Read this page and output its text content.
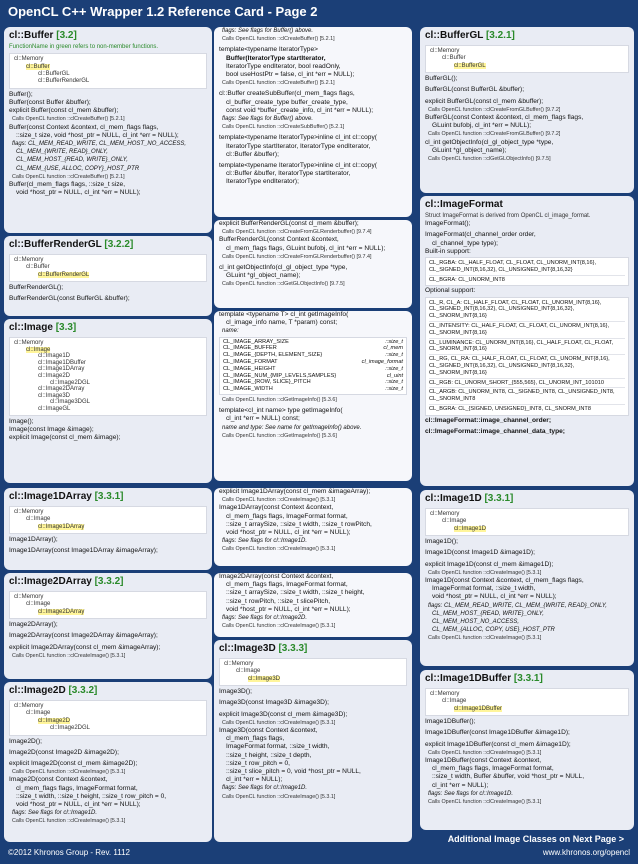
OpenCL C++ Wrapper 1.2 Reference Card - Page 2
cl::Buffer [3.2]
FunctionName in green refers to non-member functions.
cl::Memory
cl::Buffer
cl::BufferGL
cl::BufferRenderGL
Buffer();
Buffer(const Buffer &buffer);
explicit Buffer(const cl_mem &buffer);
Calls OpenCL function ::clCreateBuffer() [5.2.1]
Buffer(const Context &context, cl_mem_flags flags,
::size_t size, void *host_ptr = NULL, cl_int *err = NULL);
flags: CL_MEM_READ_WRITE, CL_MEM_HOST_NO_ACCESS,
CL_MEM_{WRITE, READ}_ONLY,
CL_MEM_HOST_{READ, WRITE}_ONLY,
CL_MEM_{USE, ALLOC, COPY}_HOST_PTR
Calls OpenCL function ::clCreateBuffer() [5.2.1]
Buffer(cl_mem_flags flags, ::size_t size,
void *host_ptr = NULL, cl_int *err = NULL);
flags: See flags for Buffer() above.
Calls OpenCL function ::clCreateBuffer() [5.2.1]
template<typename IteratorType>
Buffer(IteratorType startIterator,
IteratorType endIterator, bool readOnly,
bool useHostPtr = false, cl_int *err = NULL);
Calls OpenCL function ::clCreateBuffer() [5.2.1]
cl::Buffer createSubBuffer(cl_mem_flags flags,
cl_buffer_create_type buffer_create_type,
const void *buffer_create_info, cl_int *err = NULL);
flags: See flags for Buffer() above.
Calls OpenCL function ::clCreateSubBuffer() [5.2.1]
template<typename IteratorType>inline cl_int cl::copy(
IteratorType startIterator, IteratorType endIterator,
cl::Buffer &buffer);
template<typename IteratorType>inline cl_int cl::copy(
cl::Buffer &buffer, IteratorType startIterator,
IteratorType endIterator);
cl::BufferGL [3.2.1]
cl::Memory
cl::Buffer
cl::BufferGL
BufferGL();
BufferGL(const BufferGL &buffer);
explicit BufferGL(const cl_mem &buffer);
Calls OpenCL function ::clCreateFromGLBuffer() [9.7.2]
BufferGL(const Context &context, cl_mem_flags flags,
GLuint bufobj, cl_int *err = NULL);
Calls OpenCL function ::clCreateFromGLBuffer() [9.7.2]
cl_int getObjectInfo(cl_gl_object_type *type,
GLuint *gl_object_name);
Calls OpenCL function ::clGetGLObjectInfo() [9.7.5]
cl::BufferRenderGL [3.2.2]
cl::Memory
cl::Buffer
cl::BufferRenderGL
BufferRenderGL();
BufferRenderGL(const BufferGL &buffer);
explicit BufferRenderGL(const cl_mem &buffer);
Calls OpenCL function ::clCreateFromGLRenderbuffer() [9.7.4]
BufferRenderGL(const Context &context,
cl_mem_flags flags, GLuint bufobj, cl_int *err = NULL);
Calls OpenCL function ::clCreateFromGLRenderbuffer() [9.7.4]
cl_int getObjectInfo(cl_gl_object_type *type,
GLuint *gl_object_name);
Calls OpenCL function ::clGetGLObjectInfo() [9.7.5]
cl::ImageFormat
Struct ImageFormat is derived from OpenCL cl_image_format.
ImageFormat();
ImageFormat(cl_channel_order order,
cl_channel_type type);
Built-in support:
CL_RGBA: CL_HALF_FLOAT, CL_FLOAT, CL_UNORM_INT{8,16}, CL_SIGNED_INT{8,16,32}, CL_UNSIGNED_INT{8,16,32}
CL_BGRA: CL_UNORM_INT8
Optional support:
CL_R, CL_A: CL_HALF_FLOAT, CL_FLOAT, CL_UNORM_INT{8,16}, CL_SIGNED_INT{8,16,32}, CL_UNSIGNED_INT{8,16,32}, CL_SNORM_INT{8,16}
CL_INTENSITY: CL_HALF_FLOAT, CL_FLOAT, CL_UNORM_INT{8,16}, CL_SNORM_INT{8,16}
CL_LUMINANCE: CL_UNORM_INT{8,16}, CL_HALF_FLOAT, CL_FLOAT, CL_SNORM_INT{8,16}
CL_RG, CL_RA: CL_HALF_FLOAT, CL_FLOAT, CL_UNORM_INT{8,16}, CL_SIGNED_INT{8,16,32}, CL_UNSIGNED_INT{8,16,32}, CL_SNORM_INT{8,16}
CL_RGB: CL_UNORM_SHORT_{555,565}, CL_UNORM_INT_101010
CL_ARGB: CL_UNORM_INT8, CL_SIGNED_INT8, CL_UNSIGNED_INT8, CL_SNORM_INT8
CL_BGRA: CL_{SIGNED, UNSIGNED}_INT8, CL_SNORM_INT8
cl::ImageFormat::image_channel_order;
cl::ImageFormat::image_channel_data_type;
cl::Image [3.3]
cl::Memory
cl::Image
cl::Image1D
cl::Image1DBuffer
cl::Image1DArray
cl::Image2D
cl::Image2DGL
cl::Image2DArray
cl::Image3D
cl::Image3DGL
cl::ImageGL
Image();
Image(const Image &image);
explicit Image(const cl_mem &image);
template <typename T> cl_int getImageInfo(
cl_image_info name, T *param) const;
name:
CL_IMAGE_ARRAY_SIZE	::size_t
CL_IMAGE_BUFFER	cl_mem
CL_IMAGE_{DEPTH, ELEMENT_SIZE}	::size_t
CL_IMAGE_FORMAT	cl_image_format
CL_IMAGE_HEIGHT	::size_t
CL_IMAGE_NUM_{MIP_LEVELS,SAMPLES}	cl_uint
CL_IMAGE_{ROW, SLICE}_PITCH	::size_t
CL_IMAGE_WIDTH	::size_t
Calls OpenCL function ::clGetImageInfo() [5.3.6]
template<cl_int name> type getImageInfo(
cl_int *err = NULL) const;
name and type: See name for getImageInfo() above.
Calls OpenCL function ::clGetImageInfo() [5.3.6]
cl::Image1DArray [3.3.1]
cl::Memory
cl::Image
cl::Image1DArray
Image1DArray();
Image1DArray(const Image1DArray &imageArray);
explicit Image1DArray(const cl_mem &imageArray);
Calls OpenCL function ::clCreateImage() [5.3.1]
Image1DArray(const Context &context,
cl_mem_flags flags, ImageFormat format,
::size_t arraySize, ::size_t width, ::size_t rowPitch,
void *host_ptr = NULL, cl_int *err = NULL);
flags: See flags for cl::Image1D.
Calls OpenCL function ::clCreateImage() [5.3.1]
cl::Image2DArray [3.3.2]
cl::Memory
cl::Image
cl::Image2DArray
Image2DArray();
Image2DArray(const Image2DArray &imageArray);
explicit Image2DArray(const cl_mem &imageArray);
Calls OpenCL function ::clCreateImage() [5.3.1]
Image2DArray(const Context &context,
cl_mem_flags flags, ImageFormat format,
::size_t arraySize, ::size_t width, ::size_t height,
::size_t rowPitch, ::size_t slicePitch,
void *host_ptr = NULL, cl_int *err = NULL);
flags: See flags for cl::Image2D.
Calls OpenCL function ::clCreateImage() [5.3.1]
cl::Image2D [3.3.2]
cl::Memory
cl::Image
cl::Image2D
cl::Image2DGL
Image2D();
Image2D(const Image2D &image2D);
explicit Image2D(const cl_mem &image2D);
Calls OpenCL function ::clCreateImage() [5.3.1]
Image2D(const Context &context,
cl_mem_flags flags, ImageFormat format,
::size_t width, ::size_t height, ::size_t row_pitch = 0,
void *host_ptr = NULL, cl_int *err = NULL);
flags: See flags for cl::Image1D.
Calls OpenCL function ::clCreateImage() [5.3.1]
cl::Image3D [3.3.3]
cl::Memory
cl::Image
cl::Image3D
Image3D();
Image3D(const Image3D &image3D);
explicit Image3D(const cl_mem &image3D);
Calls OpenCL function ::clCreateImage() [5.3.1]
Image3D(const Context &context,
cl_mem_flags flags,
ImageFormat format, ::size_t width,
::size_t height, ::size_t depth,
::size_t row_pitch = 0,
::size_t slice_pitch = 0, void *host_ptr = NULL,
cl_int *err = NULL);
flags: See flags for cl::Image1D.
Calls OpenCL function ::clCreateImage() [5.3.1]
cl::Image1D [3.3.1]
cl::Memory
cl::Image
cl::Image1D
Image1D();
Image1D(const Image1D &image1D);
explicit Image1D(const cl_mem &image1D);
Calls OpenCL function ::clCreateImage() [5.3.1]
Image1D(const Context &context, cl_mem_flags flags,
ImageFormat format, ::size_t width,
void *host_ptr = NULL, cl_int *err = NULL);
flags: CL_MEM_READ_WRITE, CL_MEM_{WRITE, READ}_ONLY,
CL_MEM_HOST_{READ, WRITE}_ONLY,
CL_MEM_HOST_NO_ACCESS,
CL_MEM_{ALLOC, COPY, USE}_HOST_PTR
Calls OpenCL function ::clCreateImage() [5.3.1]
cl::Image1DBuffer [3.3.1]
cl::Memory
cl::Image
cl::Image1DBuffer
Image1DBuffer();
Image1DBuffer(const Image1DBuffer &image1D);
explicit Image1DBuffer(const cl_mem &image1D);
Calls OpenCL function ::clCreateImage() [5.3.1]
Image1DBuffer(const Context &context,
cl_mem_flags flags, ImageFormat format,
::size_t width, Buffer &buffer, void *host_ptr = NULL,
cl_int *err = NULL);
flags: See flags for cl::Image1D.
Calls OpenCL function ::clCreateImage() [5.3.1]
Additional Image Classes on Next Page >
©2012 Khronos Group - Rev. 1112	www.khronos.org/opencl
